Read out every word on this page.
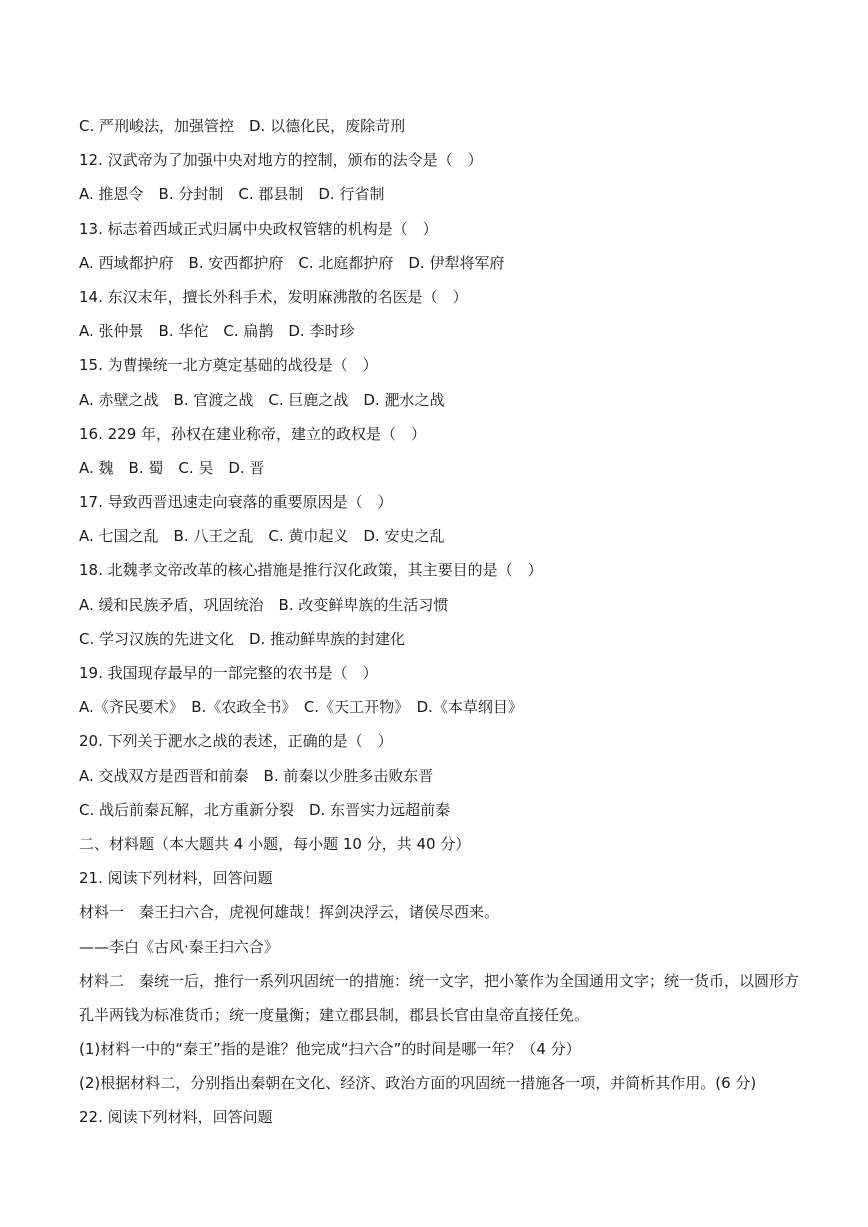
C. 严刑峻法，加强管控　D. 以德化民，废除苛刑
12. 汉武帝为了加强中央对地方的控制，颁布的法令是（　）
A. 推恩令　B. 分封制　C. 郡县制　D. 行省制
13. 标志着西域正式归属中央政权管辖的机构是（　）
A. 西域都护府　B. 安西都护府　C. 北庭都护府　D. 伊犁将军府
14. 东汉末年，擅长外科手术，发明麻沸散的名医是（　）
A. 张仲景　B. 华佗　C. 扁鹊　D. 李时珍
15. 为曹操统一北方奠定基础的战役是（　）
A. 赤壁之战　B. 官渡之战　C. 巨鹿之战　D. 淝水之战
16. 229 年，孙权在建业称帝，建立的政权是（　）
A. 魏　B. 蜀　C. 吴　D. 晋
17. 导致西晋迅速走向衰落的重要原因是（　）
A. 七国之乱　B. 八王之乱　C. 黄巾起义　D. 安史之乱
18. 北魏孝文帝改革的核心措施是推行汉化政策，其主要目的是（　）
A. 缓和民族矛盾，巩固统治　B. 改变鲜卑族的生活习惯
C. 学习汉族的先进文化　D. 推动鲜卑族的封建化
19. 我国现存最早的一部完整的农书是（　）
A.《齐民要术》　B.《农政全书》　C.《天工开物》　D.《本草纲目》
20. 下列关于淝水之战的表述，正确的是（　）
A. 交战双方是西晋和前秦　B. 前秦以少胜多击败东晋
C. 战后前秦瓦解，北方重新分裂　D. 东晋实力远超前秦
二、材料题（本大题共 4 小题，每小题 10 分，共 40 分）
21. 阅读下列材料，回答问题
材料一　秦王扫六合，虎视何雄哉！挥剑决浮云，诸侯尽西来。
——李白《古风·秦王扫六合》
材料二　秦统一后，推行一系列巩固统一的措施：统一文字，把小篆作为全国通用文字；统一货币，以圆形方孔半两钱为标准货币；统一度量衡；建立郡县制，郡县长官由皇帝直接任免。
(1)材料一中的“秦王”指的是谁？他完成“扫六合”的时间是哪一年？（4 分）
(2)根据材料二，分别指出秦朝在文化、经济、政治方面的巩固统一措施各一项，并简析其作用。(6 分)
22. 阅读下列材料，回答问题
